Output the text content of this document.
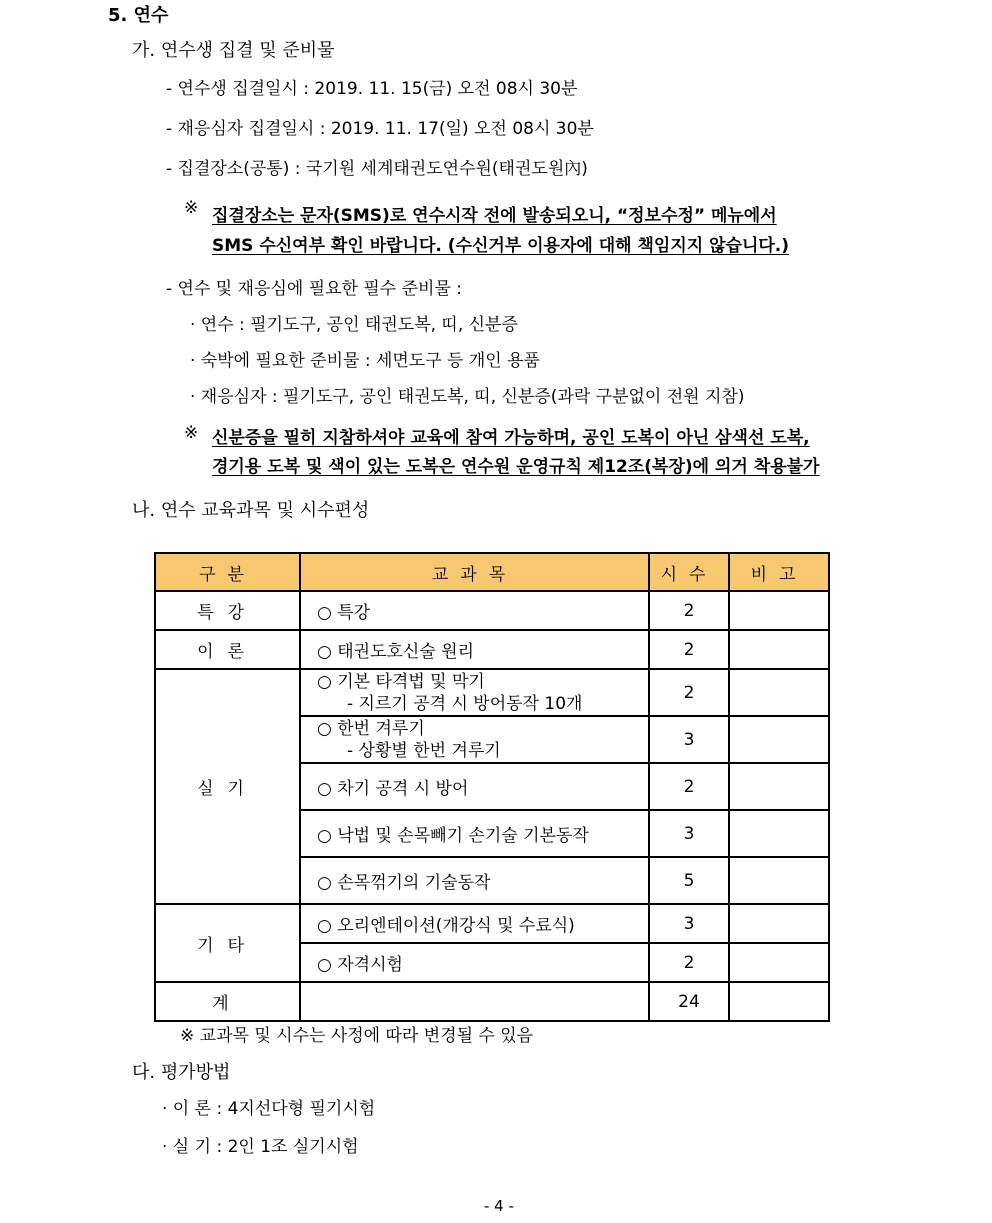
5. 연수
가. 연수생 집결 및 준비물
- 연수생 집결일시 : 2019. 11. 15(금) 오전 08시 30분
- 재응심자 집결일시 : 2019. 11. 17(일) 오전 08시 30분
- 집결장소(공통) : 국기원 세계태권도연수원(태권도원內)
※ 집결장소는 문자(SMS)로 연수시작 전에 발송되오니, “정보수정” 메뉴에서
SMS 수신여부 확인 바랍니다. (수신거부 이용자에 대해 책임지지 않습니다.)
- 연수 및 재응심에 필요한 필수 준비물 :
· 연수 : 필기도구, 공인 태권도복, 띠, 신분증
· 숙박에 필요한 준비물 : 세면도구 등 개인 용품
· 재응심자 : 필기도구, 공인 태권도복, 띠, 신분증(과락 구분없이 전원 지참)
※ 신분증을 필히 지참하셔야 교육에 참여 가능하며, 공인 도복이 아닌 삼색선 도복,
경기용 도복 및 색이 있는 도복은 연수원 운영규칙 제12조(복장)에 의거 착용불가
나. 연수 교육과목 및 시수편성
구분	교과목	시수	비고
특강	○ 특강	2	
이론	○ 태권도호신술 원리	2	
실기	○ 기본 타격법 및 막기
- 지르기 공격 시 방어동작 10개	2	
	○ 한번 겨루기
- 상황별 한번 겨루기	3	
	○ 차기 공격 시 방어	2	
	○ 낙법 및 손목빼기 손기술 기본동작	3	
	○ 손목꺾기의 기술동작	5	
기타	○ 오리엔테이션(개강식 및 수료식)	3	
	○ 자격시험	2	
계		24	
※ 교과목 및 시수는 사정에 따라 변경될 수 있음
다. 평가방법
· 이 론 : 4지선다형 필기시험
· 실 기 : 2인 1조 실기시험
- 4 -
